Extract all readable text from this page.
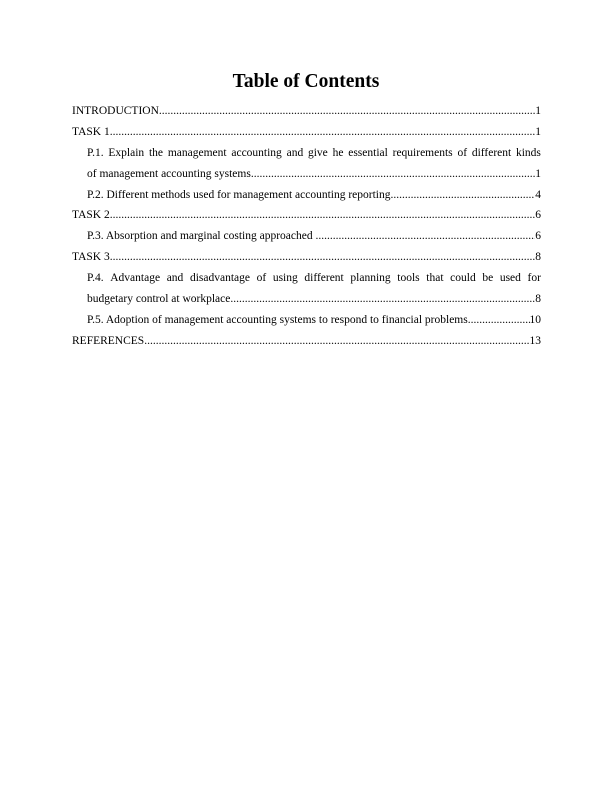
Table of Contents
INTRODUCTION .....	1
TASK 1 .....	1
P.1. Explain the management accounting and give he essential requirements of different kinds
of management accounting systems .....	1
P.2. Different methods used for management accounting reporting .....	4
TASK 2 .....	6
P.3. Absorption and marginal costing approached .....	6
TASK 3 .....	8
P.4. Advantage and disadvantage of using different planning tools that could be used for
budgetary control at workplace .....	8
P.5. Adoption of management accounting systems to respond to financial problems .....	10
REFERENCES .....	13
